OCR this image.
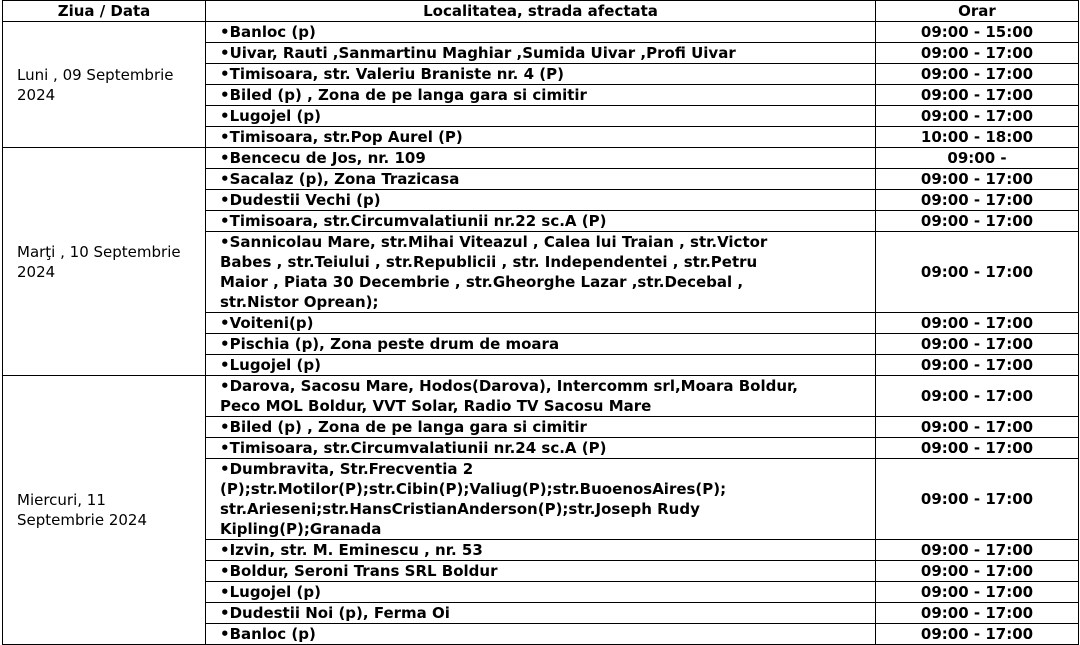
Ziua / Data	Localitatea, strada afectata	Orar
Luni , 09 Septembrie 2024	•Banloc (p)	09:00 - 15:00
	•Uivar, Rauti ,Sanmartinu Maghiar ,Sumida Uivar ,Profi Uivar	09:00 - 17:00
	•Timisoara, str. Valeriu Braniste nr. 4 (P)	09:00 - 17:00
	•Biled (p) , Zona de pe langa gara si cimitir	09:00 - 17:00
	•Lugojel (p)	09:00 - 17:00
	•Timisoara, str.Pop Aurel (P)	10:00 - 18:00
Marţi , 10 Septembrie 2024	•Bencecu de Jos, nr. 109	09:00 -
	•Sacalaz (p), Zona Trazicasa	09:00 - 17:00
	•Dudestii Vechi (p)	09:00 - 17:00
	•Timisoara, str.Circumvalatiunii nr.22 sc.A (P)	09:00 - 17:00
	•Sannicolau Mare, str.Mihai Viteazul , Calea lui Traian , str.Victor
Babes , str.Teiului , str.Republicii , str. Independentei , str.Petru
Maior , Piata 30 Decembrie , str.Gheorghe Lazar ,str.Decebal ,
str.Nistor Oprean);	09:00 - 17:00
	•Voiteni(p)	09:00 - 17:00
	•Pischia (p), Zona peste drum de moara	09:00 - 17:00
	•Lugojel (p)	09:00 - 17:00
Miercuri, 11 Septembrie 2024	•Darova, Sacosu Mare, Hodos(Darova), Intercomm srl,Moara Boldur,
Peco MOL Boldur, VVT Solar, Radio TV Sacosu Mare	09:00 - 17:00
	•Biled (p) , Zona de pe langa gara si cimitir	09:00 - 17:00
	•Timisoara, str.Circumvalatiunii nr.24 sc.A (P)	09:00 - 17:00
	•Dumbravita, Str.Frecventia 2
(P);str.Motilor(P);str.Cibin(P);Valiug(P);str.BuoenosAires(P);
str.Arieseni;str.HansCristianAnderson(P);str.Joseph Rudy
Kipling(P);Granada	09:00 - 17:00
	•Izvin, str. M. Eminescu , nr. 53	09:00 - 17:00
	•Boldur, Seroni Trans SRL Boldur	09:00 - 17:00
	•Lugojel (p)	09:00 - 17:00
	•Dudestii Noi (p), Ferma Oi	09:00 - 17:00
	•Banloc (p)	09:00 - 17:00
